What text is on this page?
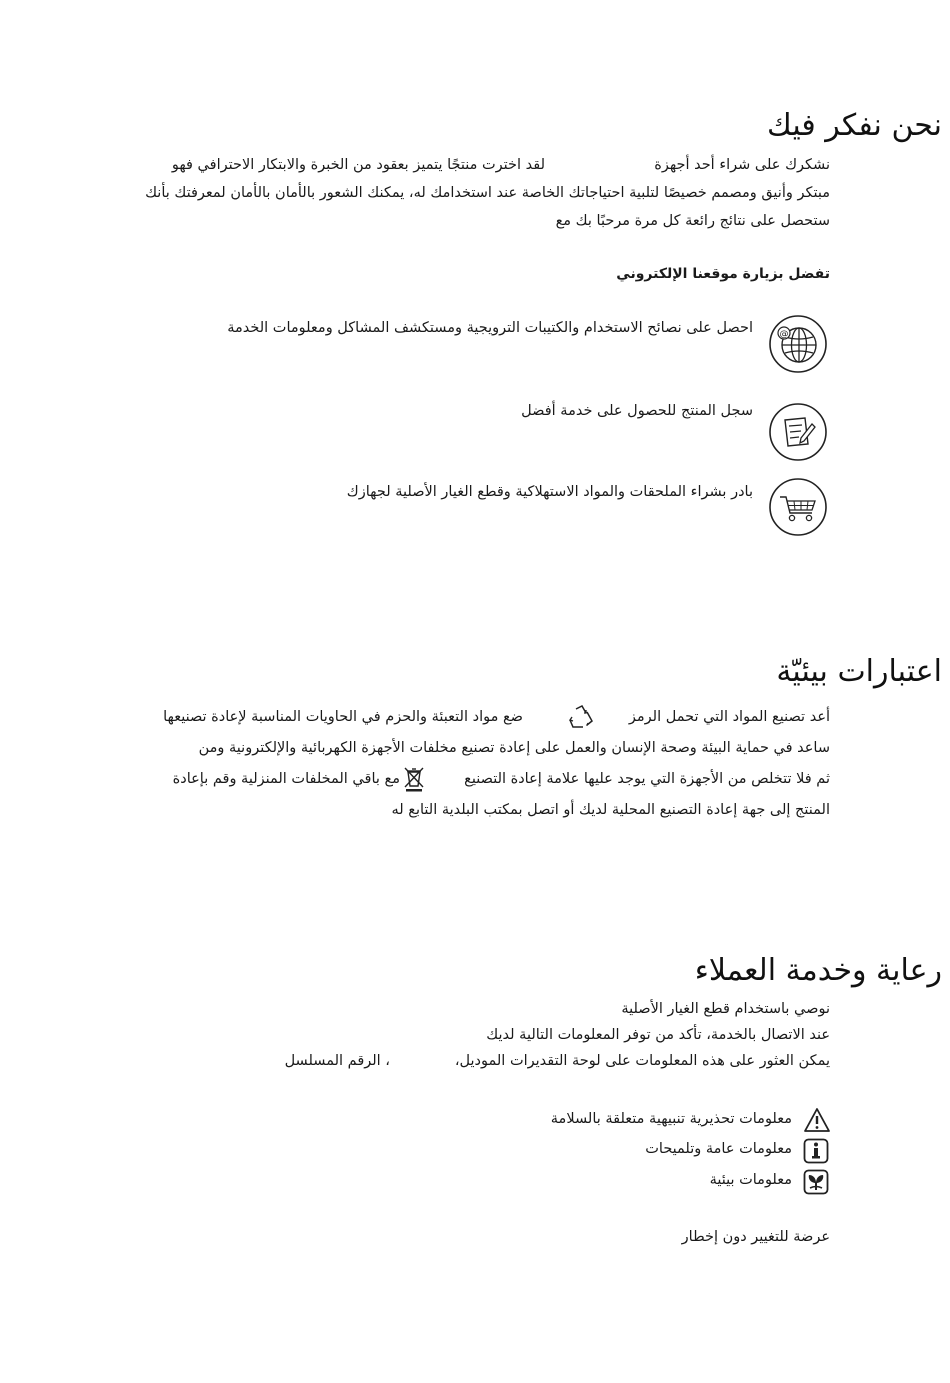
نحن نفكر فيك
نشكرك على شراء أحد أجهزة
لقد اخترت منتجًا يتميز بعقود من الخبرة والابتكار الاحترافي فهو
مبتكر وأنيق ومصمم خصيصًا لتلبية احتياجاتك الخاصة عند استخدامك له، يمكنك الشعور بالأمان بالأمان لمعرفتك بأنك
ستحصل على نتائج رائعة كل مرة مرحبًا بك مع
تفضل بزيارة موقعنا الإلكتروني
@
احصل على نصائح الاستخدام والكتيبات الترويجية ومستكشف المشاكل ومعلومات الخدمة
سجل المنتج للحصول على خدمة أفضل
بادر بشراء الملحقات والمواد الاستهلاكية وقطع الغيار الأصلية لجهازك
اعتبارات بيئيّة
أعد تصنيع المواد التي تحمل الرمز
ضع مواد التعبئة والحزم في الحاويات المناسبة لإعادة تصنيعها
ساعد في حماية البيئة وصحة الإنسان والعمل على إعادة تصنيع مخلفات الأجهزة الكهربائية والإلكترونية ومن
ثم فلا تتخلص من الأجهزة التي يوجد عليها علامة إعادة التصنيع
مع باقي المخلفات المنزلية وقم بإعادة
المنتج إلى جهة إعادة التصنيع المحلية لديك أو اتصل بمكتب البلدية التابع له
رعاية وخدمة العملاء
نوصي باستخدام قطع الغيار الأصلية
عند الاتصال بالخدمة، تأكد من توفر المعلومات التالية لديك
يمكن العثور على هذه المعلومات على لوحة التقديرات الموديل،
، الرقم المسلسل
معلومات تحذيرية تنبيهية متعلقة بالسلامة
معلومات عامة وتلميحات
معلومات بيئية
عرضة للتغيير دون إخطار
